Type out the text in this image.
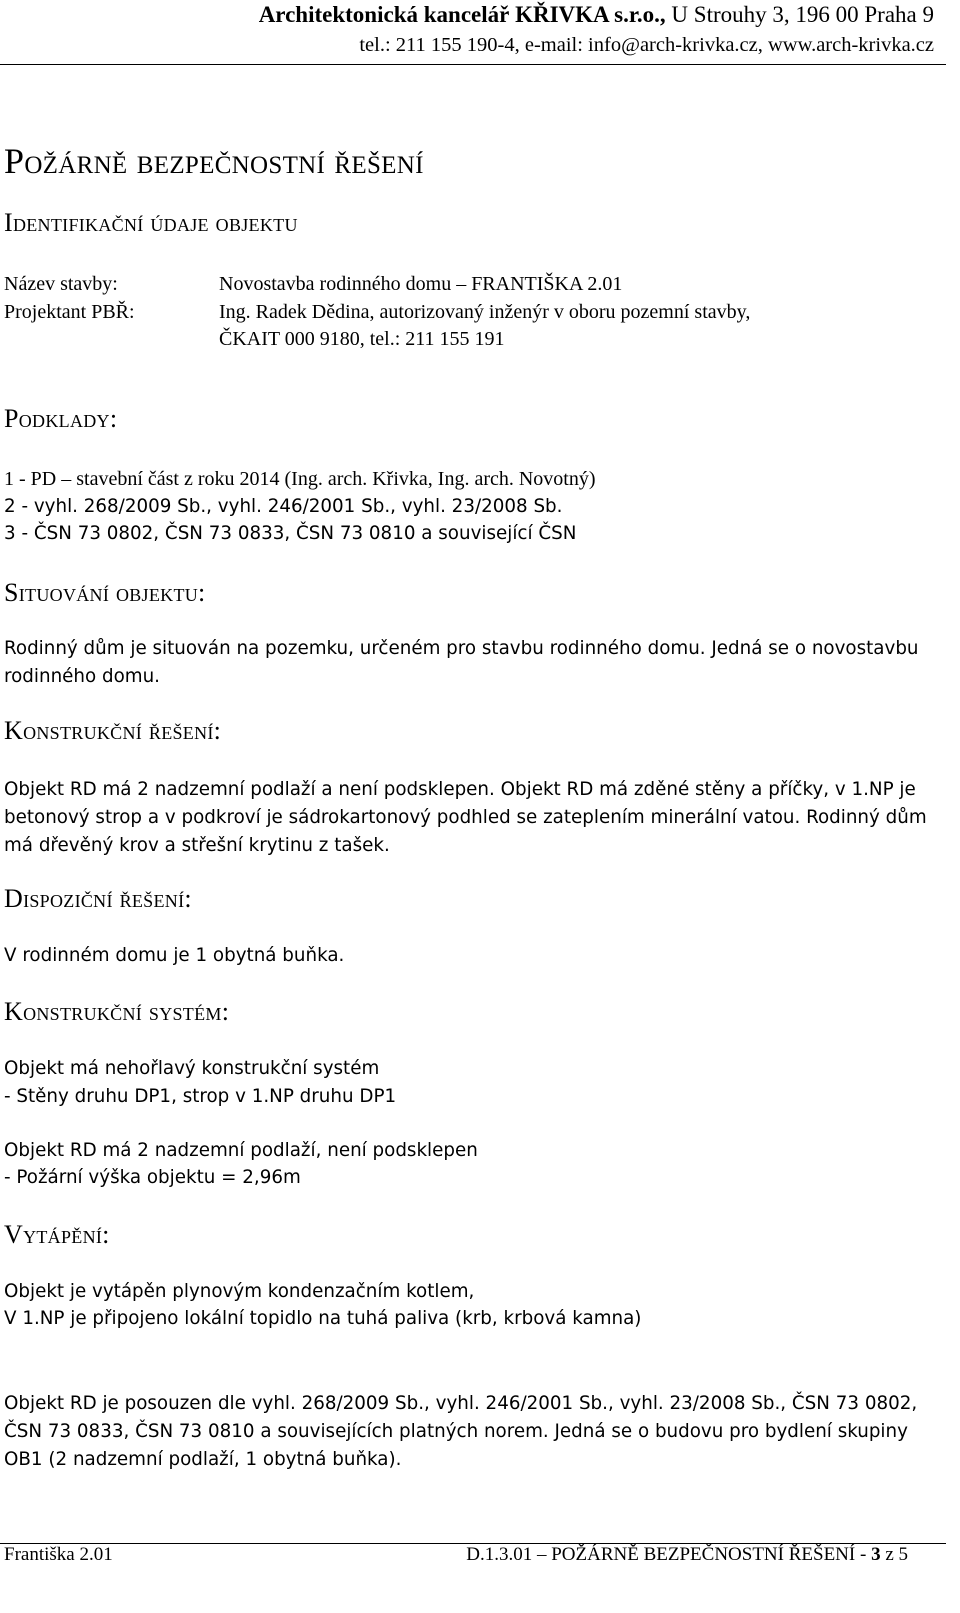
Architektonická kancelář KŘIVKA s.r.o., U Strouhy 3, 196 00 Praha 9
tel.: 211 155 190-4, e-mail: info@arch-krivka.cz, www.arch-krivka.cz
Požárně bezpečnostní řešení
Identifikační údaje objektu
Název stavby:	Novostavba rodinného domu – FRANTIŠKA 2.01
Projektant PBŘ:	Ing. Radek Dědina, autorizovaný inženýr v oboru pozemní stavby,
ČKAIT 000 9180, tel.: 211 155 191
Podklady:
1 - PD – stavební část z roku 2014 (Ing. arch. Křivka, Ing. arch. Novotný)
2 - vyhl. 268/2009 Sb., vyhl. 246/2001 Sb., vyhl. 23/2008 Sb.
3 - ČSN 73 0802, ČSN 73 0833, ČSN 73 0810 a související ČSN
Situování objektu:
Rodinný dům je situován na pozemku, určeném pro stavbu rodinného domu. Jedná se o novostavbu rodinného domu.
Konstrukční řešení:
Objekt RD má 2 nadzemní podlaží a není podsklepen. Objekt RD má zděné stěny a příčky, v 1.NP je betonový strop a v podkroví je sádrokartonový podhled se zateplením minerální vatou. Rodinný dům má dřevěný krov a střešní krytinu z tašek.
Dispoziční řešení:
V rodinném domu je 1 obytná buňka.
Konstrukční systém:
Objekt má nehořlavý konstrukční systém
- Stěny druhu DP1, strop v 1.NP druhu DP1
Objekt RD má 2 nadzemní podlaží, není podsklepen
- Požární výška objektu = 2,96m
Vytápění:
Objekt je vytápěn plynovým kondenzačním kotlem,
V 1.NP je připojeno lokální topidlo na tuhá paliva (krb, krbová kamna)
Objekt RD je posouzen dle vyhl. 268/2009 Sb., vyhl. 246/2001 Sb., vyhl. 23/2008 Sb., ČSN 73 0802, ČSN 73 0833, ČSN 73 0810 a souvisejících platných norem. Jedná se o budovu pro bydlení skupiny OB1 (2 nadzemní podlaží, 1 obytná buňka).
Františka 2.01	D.1.3.01 – POŽÁRNĚ BEZPEČNOSTNÍ ŘEŠENÍ - 3 z 5
